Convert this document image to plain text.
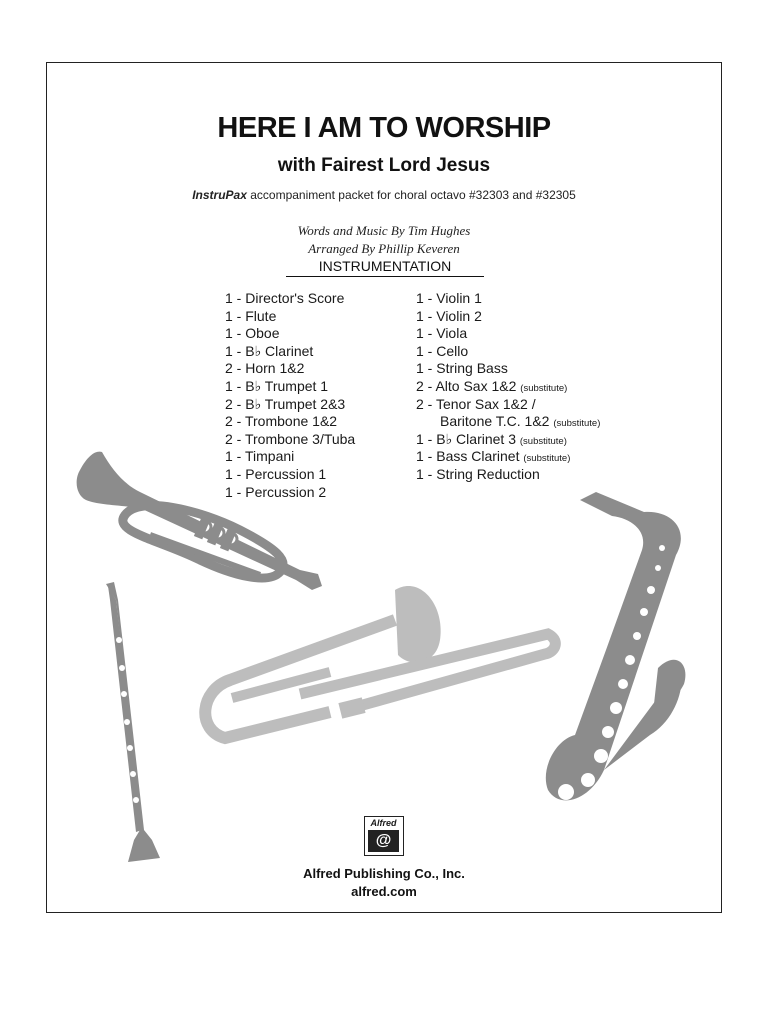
HERE I AM TO WORSHIP
with Fairest Lord Jesus
InstruPax accompaniment packet for choral octavo #32303 and #32305
Words and Music By Tim Hughes
Arranged By Phillip Keveren
INSTRUMENTATION
1 - Director's Score
1 - Flute
1 - Oboe
1 - B♭ Clarinet
2 - Horn 1&2
1 - B♭ Trumpet 1
2 - B♭ Trumpet 2&3
2 - Trombone 1&2
2 - Trombone 3/Tuba
1 - Timpani
1 - Percussion 1
1 - Percussion 2
1 - Violin 1
1 - Violin 2
1 - Viola
1 - Cello
1 - String Bass
2 - Alto Sax 1&2 (substitute)
2 - Tenor Sax 1&2 /
Baritone T.C. 1&2 (substitute)
1 - B♭ Clarinet 3 (substitute)
1 - Bass Clarinet (substitute)
1 - String Reduction
Alfred
@
Alfred Publishing Co., Inc.
alfred.com
